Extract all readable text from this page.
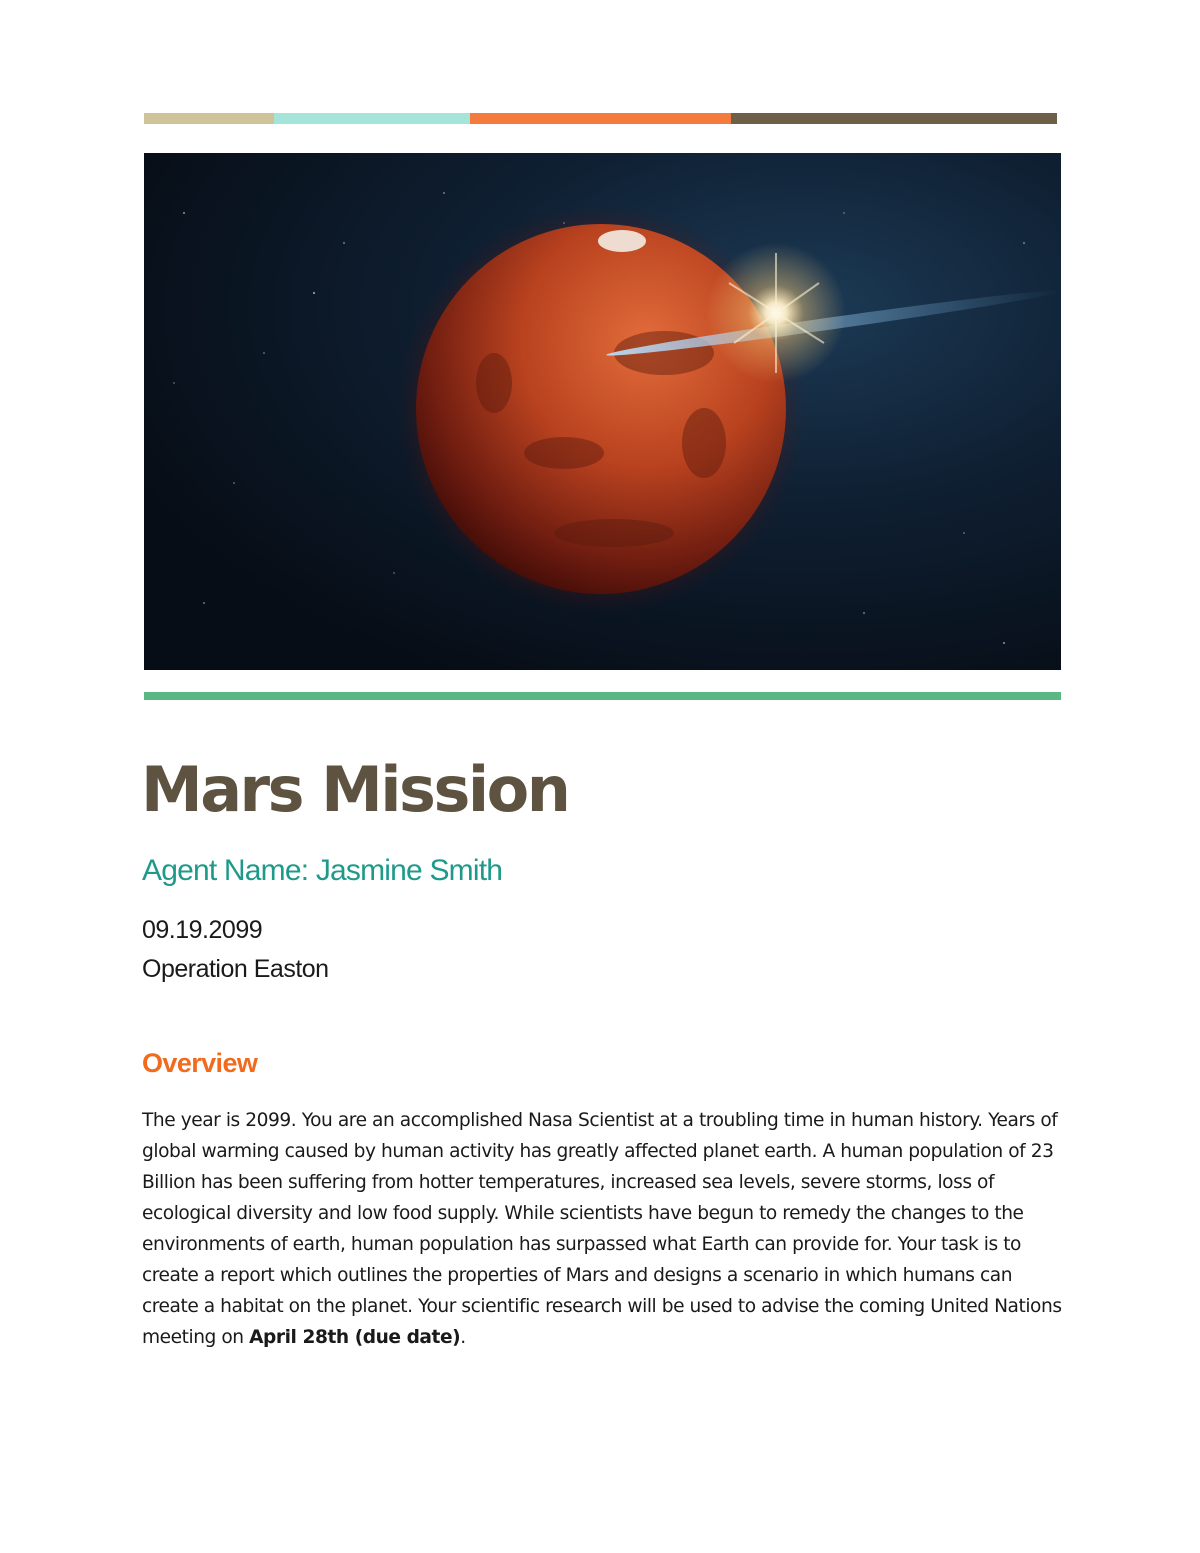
Mars Mission
Agent Name: Jasmine Smith
09.19.2099
Operation Easton
Overview

The year is 2099. You are an accomplished Nasa Scientist at a troubling time in human history. Years of global warming caused by human activity has greatly affected planet earth. A human population of 23 Billion has been suffering from hotter temperatures, increased sea levels, severe storms, loss of ecological diversity and low food supply. While scientists have begun to remedy the changes to the environments of earth, human population has surpassed what Earth can provide for. Your task is to create a report which outlines the properties of Mars and designs a scenario in which humans can create a habitat on the planet. Your scientific research will be used to advise the coming United Nations meeting on April 28th (due date).
